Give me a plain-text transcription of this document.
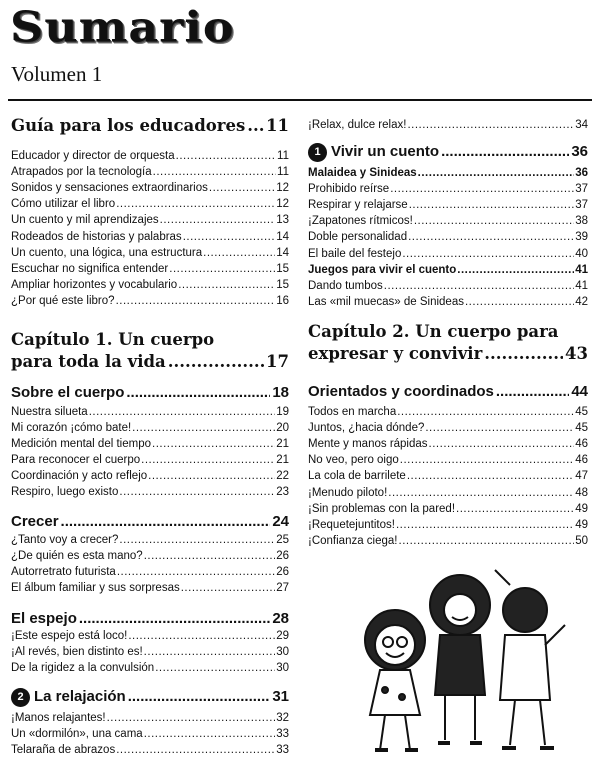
Sumario
Volumen 1
Guía para los educadores ..... 11
Educador y director de orquesta .....	11
Atrapados por la tecnología .....	11
Sonidos y sensaciones extraordinarios .....	12
Cómo utilizar el libro .....	12
Un cuento y mil aprendizajes .....	13
Rodeados de historias y palabras .....	14
Un cuento, una lógica, una estructura .....	14
Escuchar no significa entender .....	15
Ampliar horizontes y vocabulario .....	15
¿Por qué este libro? .....	16
Capítulo 1. Un cuerpo
para toda la vida .....	17
Sobre el cuerpo .....	18
Nuestra silueta .....	19
Mi corazón ¡cómo bate! .....	20
Medición mental del tiempo .....	21
Para reconocer el cuerpo .....	21
Coordinación y acto reflejo .....	22
Respiro, luego existo .....	23
Crecer .....	24
¿Tanto voy a crecer? .....	25
¿De quién es esta mano? .....	26
Autorretrato futurista .....	26
El álbum familiar y sus sorpresas .....	27
El espejo .....	28
¡Este espejo está loco! .....	29
¡Al revés, bien distinto es! .....	30
De la rigidez a la convulsión .....	30
2 La relajación .....	31
¡Manos relajantes! .....	32
Un «dormilón», una cama .....	33
Telaraña de abrazos .....	33
¡Relax, dulce relax! .....	34
1 Vivir un cuento .....	36
Malaidea y Sinideas .....	36
Prohibido reírse .....	37
Respirar y relajarse .....	37
¡Zapatones rítmicos! .....	38
Doble personalidad .....	39
El baile del festejo .....	40
Juegos para vivir el cuento .....	41
Dando tumbos .....	41
Las «mil muecas» de Sinideas .....	42
Capítulo 2. Un cuerpo para
expresar y convivir .....	43
Orientados y coordinados .....	44
Todos en marcha .....	45
Juntos, ¿hacia dónde? .....	45
Mente y manos rápidas .....	46
No veo, pero oigo .....	46
La cola de barrilete .....	47
¡Menudo piloto! .....	48
¡Sin problemas con la pared! .....	49
¡Requetejuntitos! .....	49
¡Confianza ciega! .....	50
